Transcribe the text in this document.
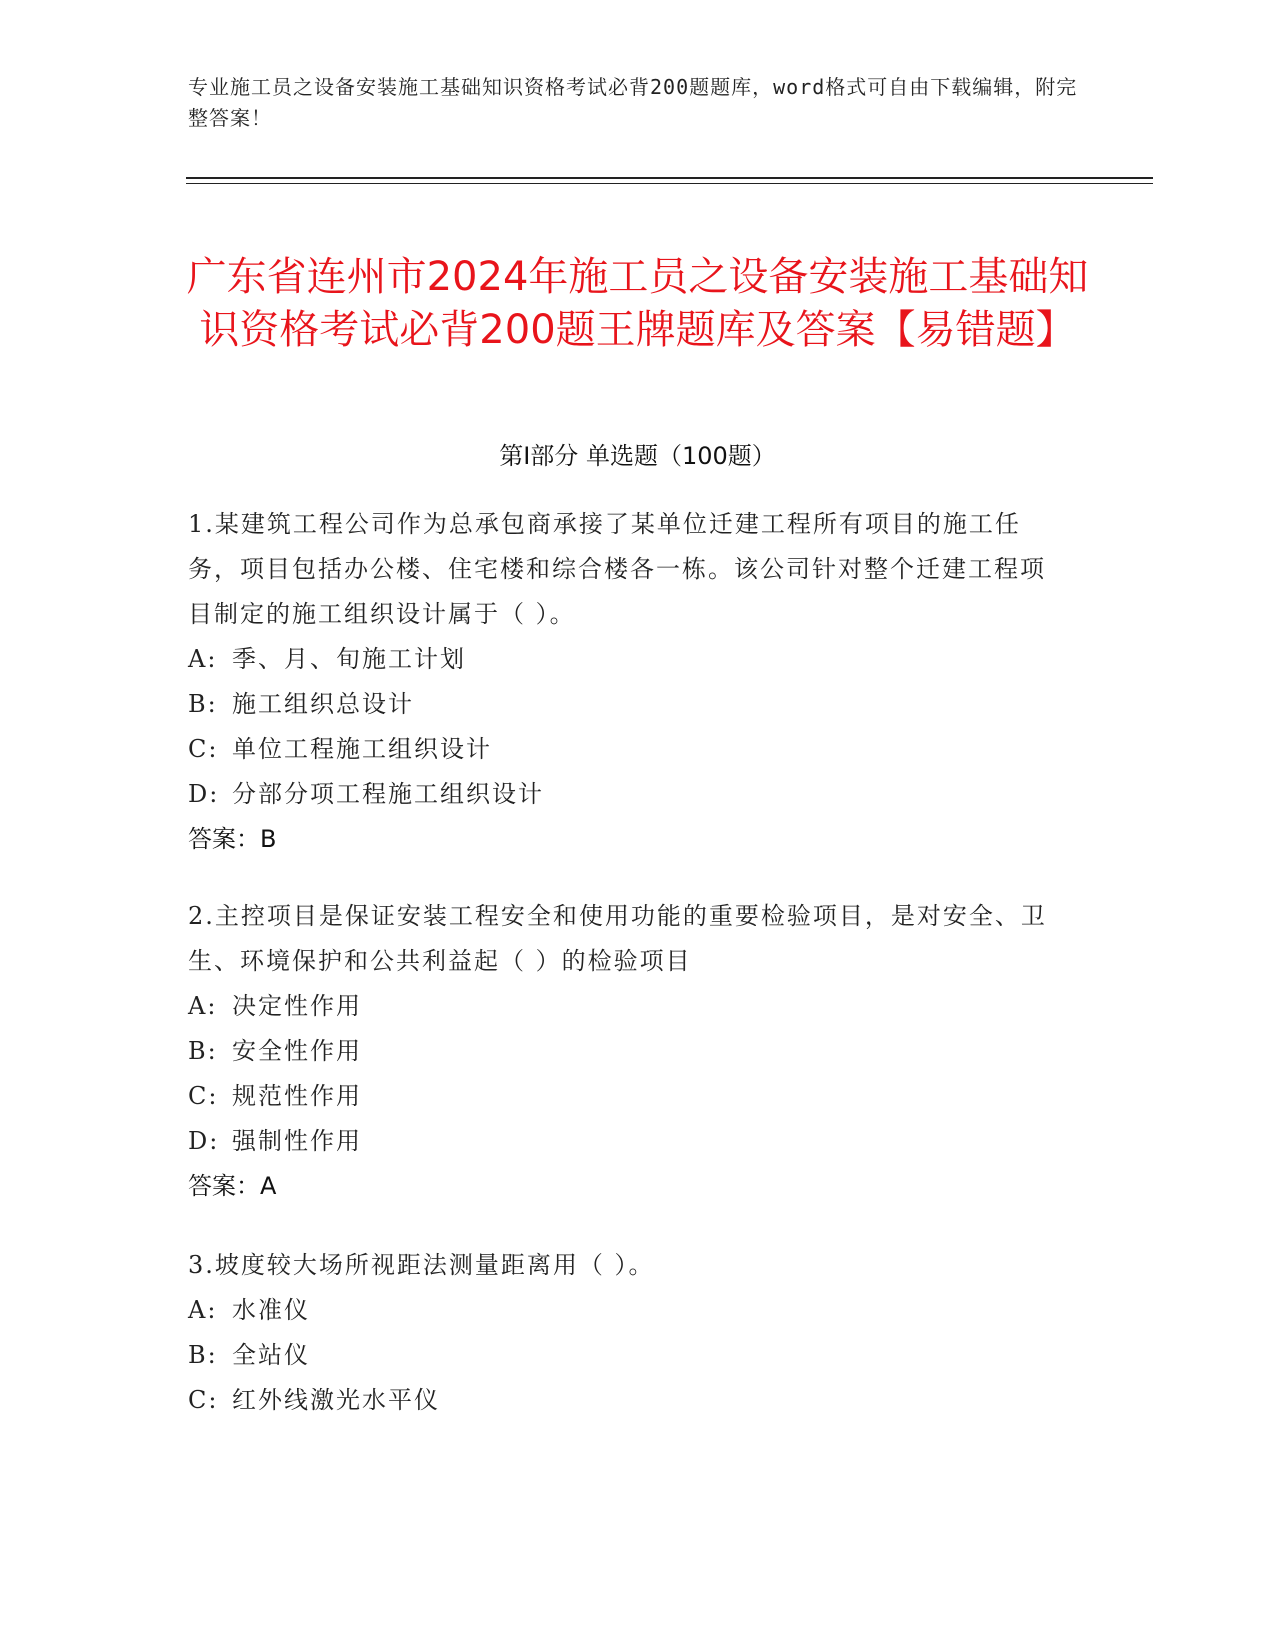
专业施工员之设备安装施工基础知识资格考试必背200题题库，word格式可自由下载编辑，附完整答案！
广东省连州市2024年施工员之设备安装施工基础知识资格考试必背200题王牌题库及答案【易错题】
第I部分 单选题（100题）

1.某建筑工程公司作为总承包商承接了某单位迁建工程所有项目的施工任务，项目包括办公楼、住宅楼和综合楼各一栋。该公司针对整个迁建工程项目制定的施工组织设计属于（ ）。

A: 季、月、旬施工计划

B: 施工组织总设计

C: 单位工程施工组织设计

D: 分部分项工程施工组织设计

答案：B

2.主控项目是保证安装工程安全和使用功能的重要检验项目，是对安全、卫生、环境保护和公共利益起（ ）的检验项目

A: 决定性作用

B: 安全性作用

C: 规范性作用

D: 强制性作用

答案：A

3.坡度较大场所视距法测量距离用（ ）。

A: 水准仪

B: 全站仪

C: 红外线激光水平仪
